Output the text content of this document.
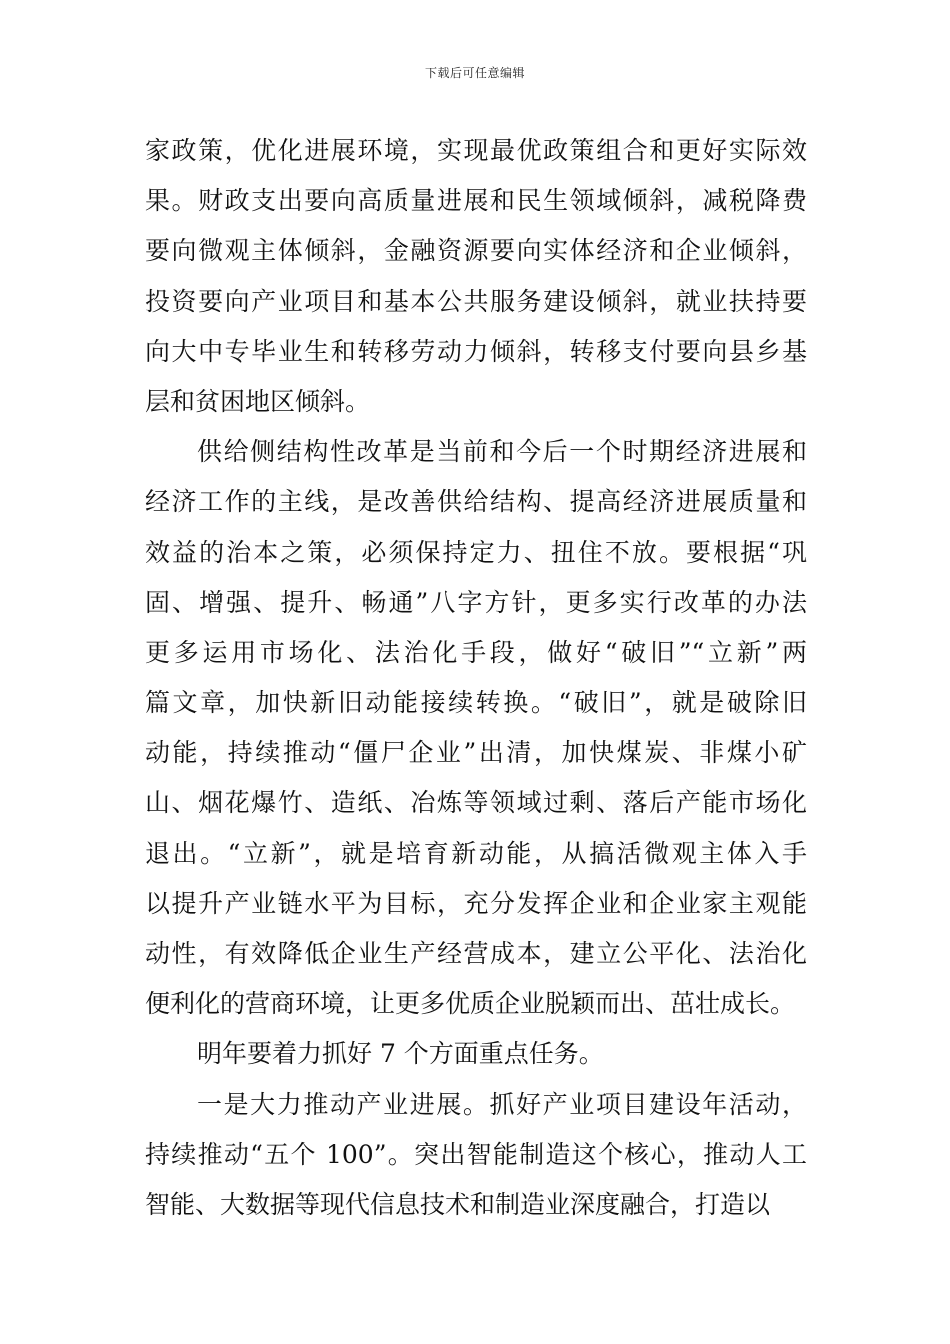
下载后可任意编辑
家政策，优化进展环境，实现最优政策组合和更好实际效
果。财政支出要向高质量进展和民生领域倾斜，减税降费
要向微观主体倾斜，金融资源要向实体经济和企业倾斜，
投资要向产业项目和基本公共服务建设倾斜，就业扶持要
向大中专毕业生和转移劳动力倾斜，转移支付要向县乡基
层和贫困地区倾斜。
供给侧结构性改革是当前和今后一个时期经济进展和
经济工作的主线，是改善供给结构、提高经济进展质量和
效益的治本之策，必须保持定力、扭住不放。要根据“巩
固、增强、提升、畅通”八字方针，更多实行改革的办法
更多运用市场化、法治化手段，做好“破旧”“立新”两
篇文章，加快新旧动能接续转换。“破旧”，就是破除旧
动能，持续推动“僵尸企业”出清，加快煤炭、非煤小矿
山、烟花爆竹、造纸、冶炼等领域过剩、落后产能市场化
退出。“立新”，就是培育新动能，从搞活微观主体入手
以提升产业链水平为目标，充分发挥企业和企业家主观能
动性，有效降低企业生产经营成本，建立公平化、法治化
便利化的营商环境，让更多优质企业脱颖而出、茁壮成长。
明年要着力抓好 7 个方面重点任务。
一是大力推动产业进展。抓好产业项目建设年活动，
持续推动“五个 100”。突出智能制造这个核心，推动人工
智能、大数据等现代信息技术和制造业深度融合，打造以
